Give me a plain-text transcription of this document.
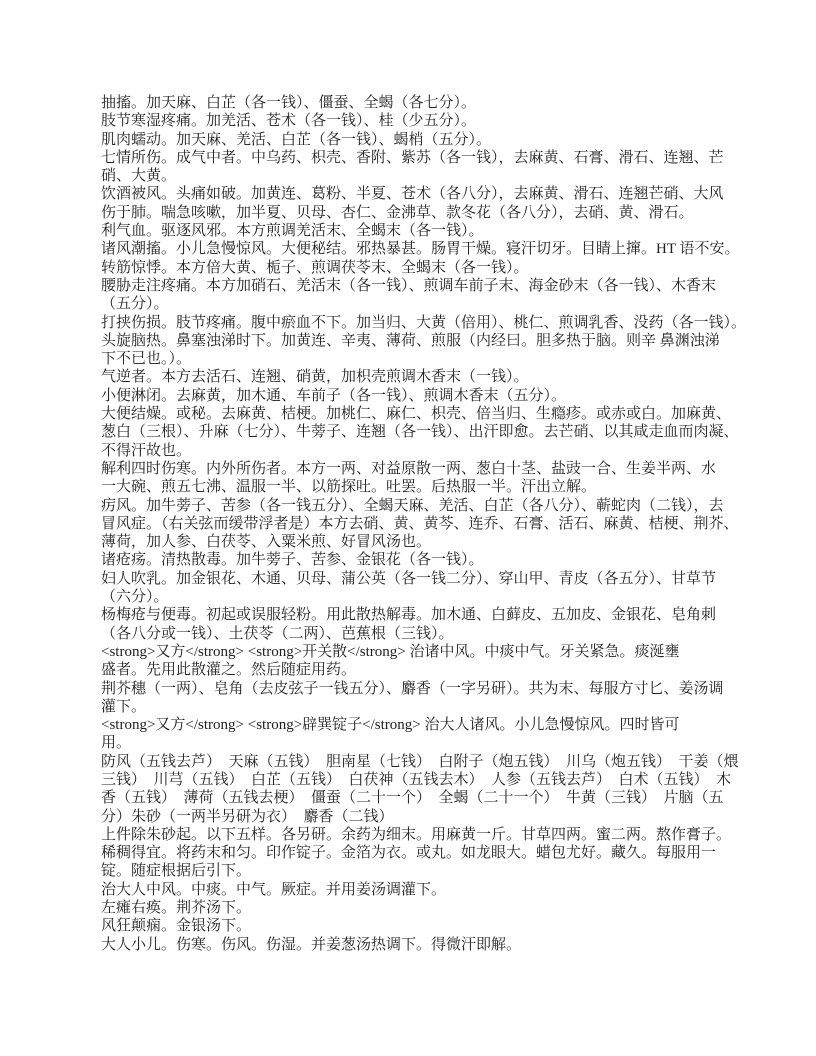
抽搐。加天麻、白芷（各一钱）、僵蚕、全蝎（各七分）。
肢节寒湿疼痛。加羌活、苍术（各一钱）、桂（少五分）。
肌肉蠕动。加天麻、羌活、白芷（各一钱）、蝎梢（五分）。
七情所伤。成气中者。中乌药、枳壳、香附、紫苏（各一钱），去麻黄、石膏、滑石、连翘、芒
硝、大黄。
饮酒被风。头痛如破。加黄连、葛粉、半夏、苍术（各八分），去麻黄、滑石、连翘芒硝、大风
伤于肺。喘急咳嗽，加半夏、贝母、杏仁、金沸草、款冬花（各八分），去硝、黄、滑石。
利气血。驱逐风邪。本方煎调羌活末、全蝎末（各一钱）。
诸风潮搐。小儿急慢惊风。大便秘结。邪热暴甚。肠胃干燥。寝汗切牙。目睛上撺。HT 语不安。
转筋惊悸。本方倍大黄、栀子、煎调茯苓末、全蝎末（各一钱）。
腰胁走注疼痛。本方加硝石、羌活末（各一钱）、煎调车前子末、海金砂末（各一钱）、木香末
（五分）。
打挟伤损。肢节疼痛。腹中瘀血不下。加当归、大黄（倍用）、桃仁、煎调乳香、没药（各一钱）。
头旋脑热。鼻塞浊涕时下。加黄连、辛夷、薄荷、煎服（内经曰。胆多热于脑。则辛 鼻渊浊涕
下不已也。）。
气逆者。本方去活石、连翘、硝黄，加枳壳煎调木香末（一钱）。
小便淋闭。去麻黄，加木通、车前子（各一钱）、煎调木香末（五分）。
大便结燥。或秘。去麻黄、桔梗。加桃仁、麻仁、枳壳、倍当归、生瘾疹。或赤或白。加麻黄、
葱白（三根）、升麻（七分）、牛蒡子、连翘（各一钱）、出汗即愈。去芒硝、以其咸走血而肉凝、
不得汗故也。
解利四时伤寒。内外所伤者。本方一两、对益原散一两、葱白十茎、盐豉一合、生姜半两、水
一大碗、煎五七沸、温服一半、以筋探吐。吐罢。后热服一半。汗出立解。
疠风。加牛蒡子、苦参（各一钱五分）、全蝎天麻、羌活、白芷（各八分）、蕲蛇肉（二钱），去
冒风症。（右关弦而缓带浮者是）本方去硝、黄、黄芩、连乔、石膏、活石、麻黄、桔梗、荆芥、
薄荷，加人参、白茯苓、入粟米煎、好冒风汤也。
诸疮疡。清热散毒。加牛蒡子、苦参、金银花（各一钱）。
妇人吹乳。加金银花、木通、贝母、蒲公英（各一钱二分）、穿山甲、青皮（各五分）、甘草节
（六分）。
杨梅疮与便毒。初起或误服轻粉。用此散热解毒。加木通、白藓皮、五加皮、金银花、皂角刺
（各八分或一钱）、土茯苓（二两）、芭蕉根（三钱）。
<strong>又方</strong> <strong>开关散</strong> 治诸中风。中痰中气。牙关紧急。痰涎壅
盛者。先用此散灌之。然后随症用药。
荆芥穗（一两）、皂角（去皮弦子一钱五分）、麝香（一字另研）。共为末、每服方寸匕、姜汤调
灌下。
<strong>又方</strong> <strong>辟巽锭子</strong> 治大人诸风。小儿急慢惊风。四时皆可
用。
防风（五钱去芦）　天麻（五钱）　胆南星（七钱）　白附子（炮五钱）　川乌（炮五钱）　干姜（煨
三钱）　川芎（五钱）　白芷（五钱）　白茯神（五钱去木）　人参（五钱去芦）　白术（五钱）　木
香（五钱）　薄荷（五钱去梗）　僵蚕（二十一个）　全蝎（二十一个）　牛黄（三钱）　片脑（五
分）朱砂（一两半另研为衣）　麝香（二钱）
上件除朱砂起。以下五样。各另研。余药为细末。用麻黄一斤。甘草四两。蜜二两。熬作膏子。
稀稠得宜。将药末和匀。印作锭子。金箔为衣。或丸。如龙眼大。蜡包尤好。藏久。每服用一
锭。随症根据后引下。
治大人中风。中痰。中气。厥症。并用姜汤调灌下。
左瘫右痪。荆芥汤下。
风狂颠痫。金银汤下。
大人小儿。伤寒。伤风。伤湿。并姜葱汤热调下。得微汗即解。
